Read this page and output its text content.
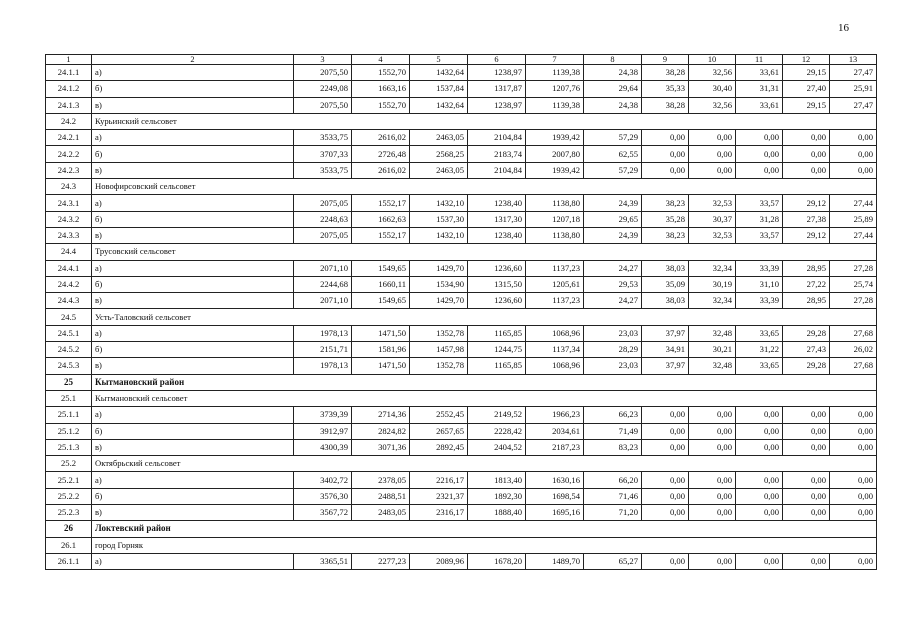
16
1	2	3	4	5	6	7	8	9	10	11	12	13
24.1.1	а)	2075,50	1552,70	1432,64	1238,97	1139,38	24,38	38,28	32,56	33,61	29,15	27,47
24.1.2	б)	2249,08	1663,16	1537,84	1317,87	1207,76	29,64	35,33	30,40	31,31	27,40	25,91
24.1.3	в)	2075,50	1552,70	1432,64	1238,97	1139,38	24,38	38,28	32,56	33,61	29,15	27,47
24.2	Курьинский сельсовет											
24.2.1	а)	3533,75	2616,02	2463,05	2104,84	1939,42	57,29	0,00	0,00	0,00	0,00	0,00
24.2.2	б)	3707,33	2726,48	2568,25	2183,74	2007,80	62,55	0,00	0,00	0,00	0,00	0,00
24.2.3	в)	3533,75	2616,02	2463,05	2104,84	1939,42	57,29	0,00	0,00	0,00	0,00	0,00
24.3	Новофирсовский сельсовет											
24.3.1	а)	2075,05	1552,17	1432,10	1238,40	1138,80	24,39	38,23	32,53	33,57	29,12	27,44
24.3.2	б)	2248,63	1662,63	1537,30	1317,30	1207,18	29,65	35,28	30,37	31,28	27,38	25,89
24.3.3	в)	2075,05	1552,17	1432,10	1238,40	1138,80	24,39	38,23	32,53	33,57	29,12	27,44
24.4	Трусовский сельсовет											
24.4.1	а)	2071,10	1549,65	1429,70	1236,60	1137,23	24,27	38,03	32,34	33,39	28,95	27,28
24.4.2	б)	2244,68	1660,11	1534,90	1315,50	1205,61	29,53	35,09	30,19	31,10	27,22	25,74
24.4.3	в)	2071,10	1549,65	1429,70	1236,60	1137,23	24,27	38,03	32,34	33,39	28,95	27,28
24.5	Усть-Таловский сельсовет											
24.5.1	а)	1978,13	1471,50	1352,78	1165,85	1068,96	23,03	37,97	32,48	33,65	29,28	27,68
24.5.2	б)	2151,71	1581,96	1457,98	1244,75	1137,34	28,29	34,91	30,21	31,22	27,43	26,02
24.5.3	в)	1978,13	1471,50	1352,78	1165,85	1068,96	23,03	37,97	32,48	33,65	29,28	27,68
25	Кытмановский район											
25.1	Кытмановский сельсовет											
25.1.1	а)	3739,39	2714,36	2552,45	2149,52	1966,23	66,23	0,00	0,00	0,00	0,00	0,00
25.1.2	б)	3912,97	2824,82	2657,65	2228,42	2034,61	71,49	0,00	0,00	0,00	0,00	0,00
25.1.3	в)	4300,39	3071,36	2892,45	2404,52	2187,23	83,23	0,00	0,00	0,00	0,00	0,00
25.2	Октябрьский сельсовет											
25.2.1	а)	3402,72	2378,05	2216,17	1813,40	1630,16	66,20	0,00	0,00	0,00	0,00	0,00
25.2.2	б)	3576,30	2488,51	2321,37	1892,30	1698,54	71,46	0,00	0,00	0,00	0,00	0,00
25.2.3	в)	3567,72	2483,05	2316,17	1888,40	1695,16	71,20	0,00	0,00	0,00	0,00	0,00
26	Локтевский район											
26.1	город Горняк											
26.1.1	а)	3365,51	2277,23	2089,96	1678,20	1489,70	65,27	0,00	0,00	0,00	0,00	0,00
